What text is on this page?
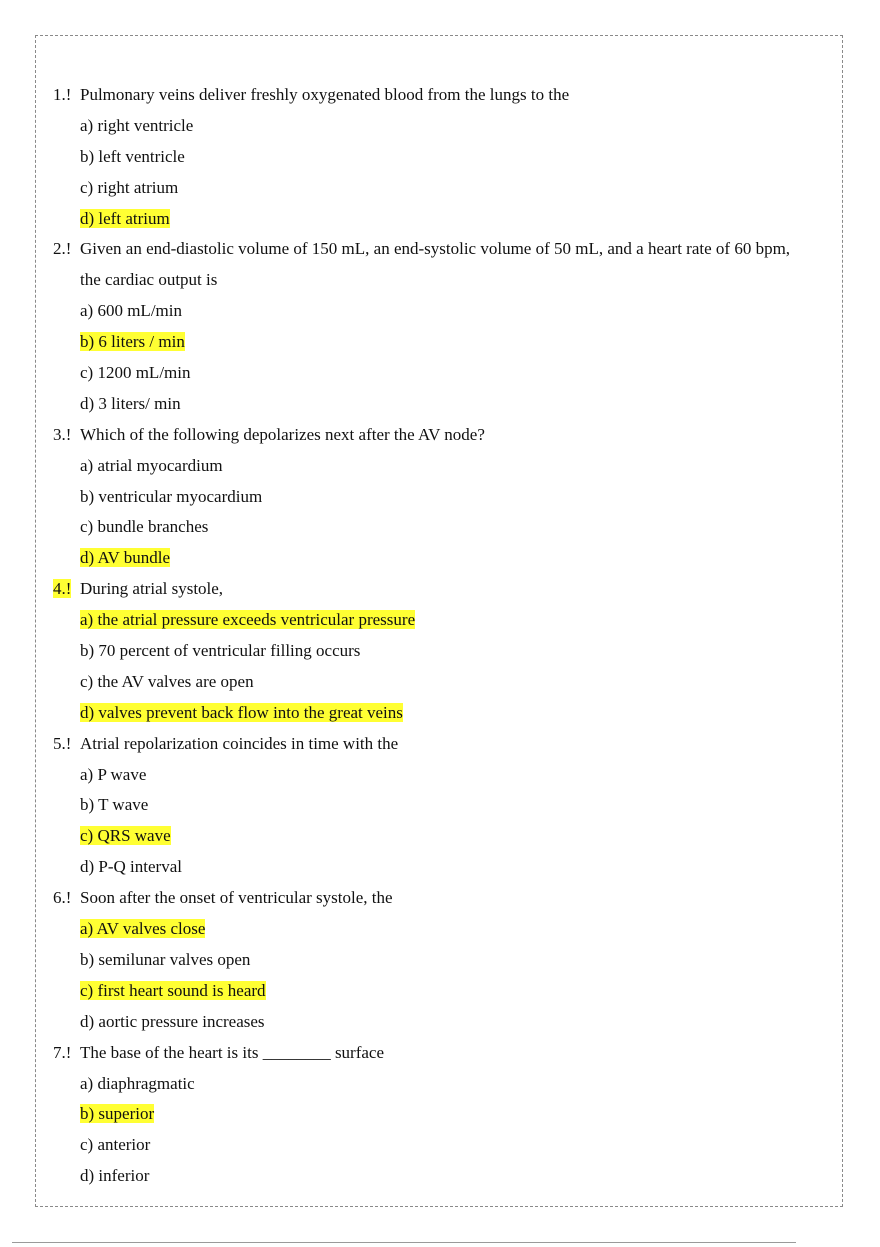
1.! Pulmonary veins deliver freshly oxygenated blood from the lungs to the
a) right ventricle
b) left ventricle
c) right atrium
d) left atrium
2.! Given an end-diastolic volume of 150 mL, an end-systolic volume of 50 mL, and a heart rate of 60 bpm,
the cardiac output is
a) 600 mL/min
b) 6 liters / min
c) 1200 mL/min
d) 3 liters/ min
3.! Which of the following depolarizes next after the AV node?
a) atrial myocardium
b) ventricular myocardium
c) bundle branches
d) AV bundle
4.! During atrial systole,
a) the atrial pressure exceeds ventricular pressure
b) 70 percent of ventricular filling occurs
c) the AV valves are open
d) valves prevent back flow into the great veins
5.! Atrial repolarization coincides in time with the
a) P wave
b) T wave
c) QRS wave
d) P-Q interval
6.! Soon after the onset of ventricular systole, the
a) AV valves close
b) semilunar valves open
c) first heart sound is heard
d) aortic pressure increases
7.! The base of the heart is its ________ surface
a) diaphragmatic
b) superior
c) anterior
d) inferior
